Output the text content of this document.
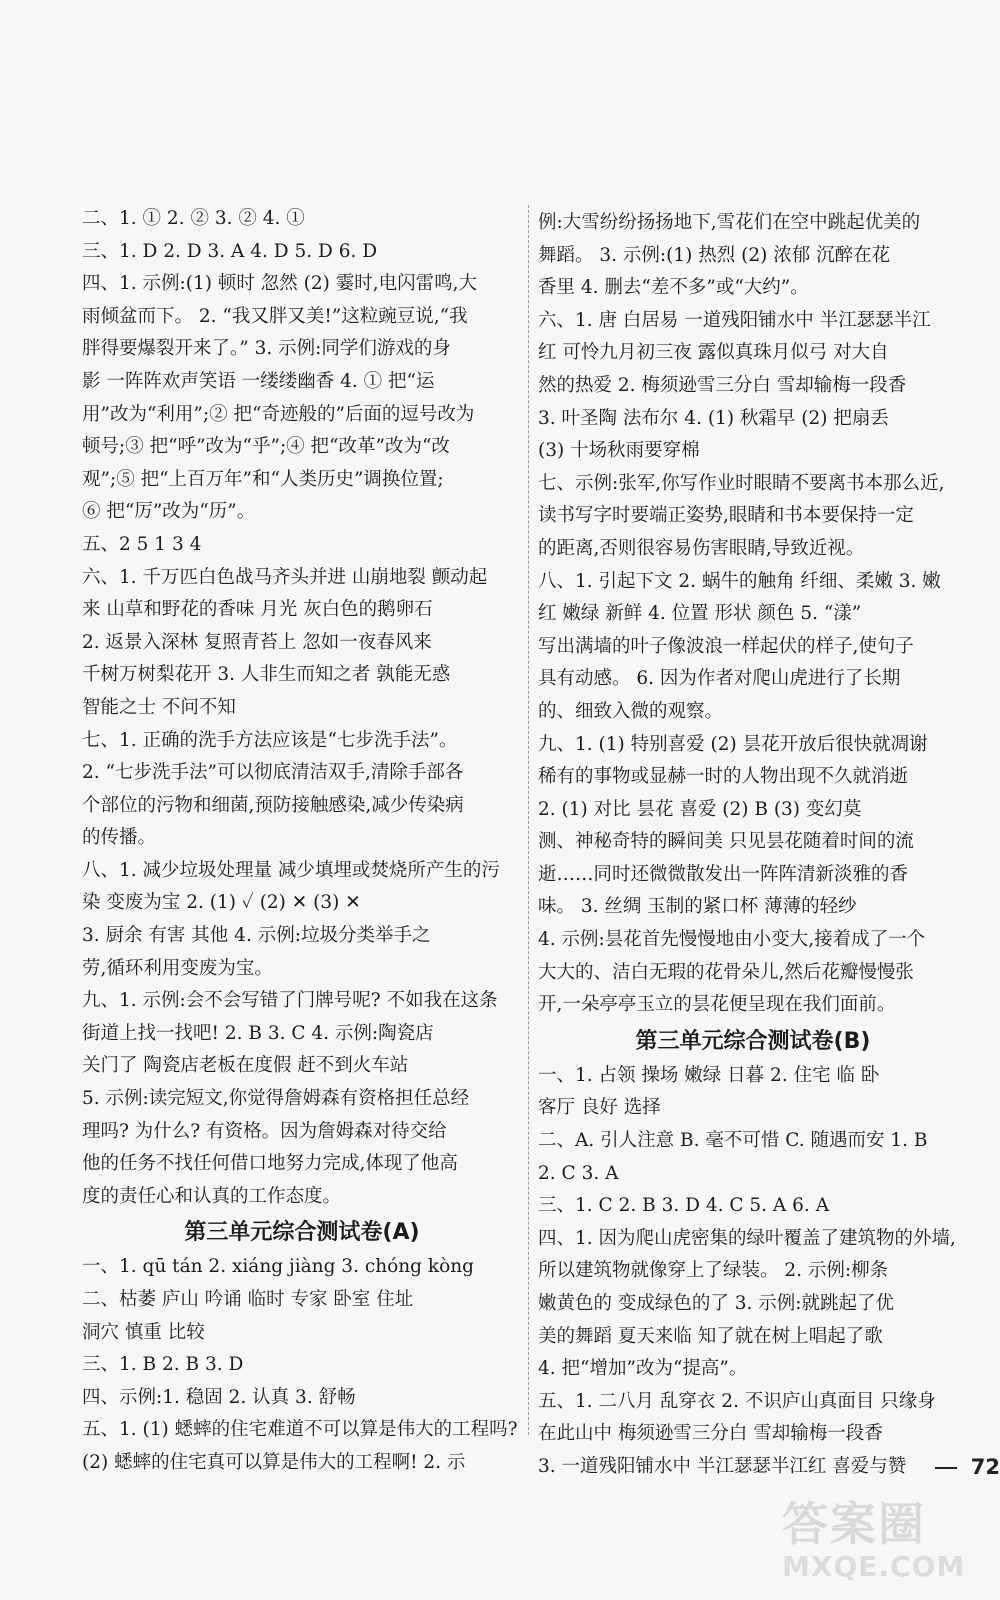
二、1. ① 2. ② 3. ② 4. ①
三、1. D 2. D 3. A 4. D 5. D 6. D
四、1. 示例:(1) 顿时 忽然 (2) 霎时,电闪雷鸣,大
雨倾盆而下。 2. “我又胖又美!”这粒豌豆说,“我
胖得要爆裂开来了。” 3. 示例:同学们游戏的身
影 一阵阵欢声笑语 一缕缕幽香 4. ① 把“运
用”改为“利用”;② 把“奇迹般的”后面的逗号改为
顿号;③ 把“呼”改为“乎”;④ 把“改革”改为“改
观”;⑤ 把“上百万年”和“人类历史”调换位置;
⑥ 把“厉”改为“历”。
五、2 5 1 3 4
六、1. 千万匹白色战马齐头并进 山崩地裂 颤动起
来 山草和野花的香味 月光 灰白色的鹅卵石
2. 返景入深林 复照青苔上 忽如一夜春风来
千树万树梨花开 3. 人非生而知之者 孰能无惑
智能之士 不问不知
七、1. 正确的洗手方法应该是“七步洗手法”。
2. “七步洗手法”可以彻底清洁双手,清除手部各
个部位的污物和细菌,预防接触感染,减少传染病
的传播。
八、1. 减少垃圾处理量 减少填埋或焚烧所产生的污
染 变废为宝 2. (1) ✓ (2) ✕ (3) ✕
3. 厨余 有害 其他 4. 示例:垃圾分类举手之
劳,循环利用变废为宝。
九、1. 示例:会不会写错了门牌号呢? 不如我在这条
街道上找一找吧! 2. B 3. C 4. 示例:陶瓷店
关门了 陶瓷店老板在度假 赶不到火车站
5. 示例:读完短文,你觉得詹姆森有资格担任总经
理吗? 为什么? 有资格。因为詹姆森对待交给
他的任务不找任何借口地努力完成,体现了他高
度的责任心和认真的工作态度。
第三单元综合测试卷(A)
一、1. qū tán 2. xiáng jiàng 3. chóng kòng
二、枯萎 庐山 吟诵 临时 专家 卧室 住址
洞穴 慎重 比较
三、1. B 2. B 3. D
四、示例:1. 稳固 2. 认真 3. 舒畅
五、1. (1) 蟋蟀的住宅难道不可以算是伟大的工程吗?
(2) 蟋蟀的住宅真可以算是伟大的工程啊! 2. 示
例:大雪纷纷扬扬地下,雪花们在空中跳起优美的
舞蹈。 3. 示例:(1) 热烈 (2) 浓郁 沉醉在花
香里 4. 删去“差不多”或“大约”。
六、1. 唐 白居易 一道残阳铺水中 半江瑟瑟半江
红 可怜九月初三夜 露似真珠月似弓 对大自
然的热爱 2. 梅须逊雪三分白 雪却输梅一段香
3. 叶圣陶 法布尔 4. (1) 秋霜早 (2) 把扇丢
(3) 十场秋雨要穿棉
七、示例:张军,你写作业时眼睛不要离书本那么近,
读书写字时要端正姿势,眼睛和书本要保持一定
的距离,否则很容易伤害眼睛,导致近视。
八、1. 引起下文 2. 蜗牛的触角 纤细、柔嫩 3. 嫩
红 嫩绿 新鲜 4. 位置 形状 颜色 5. “漾”
写出满墙的叶子像波浪一样起伏的样子,使句子
具有动感。 6. 因为作者对爬山虎进行了长期
的、细致入微的观察。
九、1. (1) 特别喜爱 (2) 昙花开放后很快就凋谢
稀有的事物或显赫一时的人物出现不久就消逝
2. (1) 对比 昙花 喜爱 (2) B (3) 变幻莫
测、神秘奇特的瞬间美 只见昙花随着时间的流
逝……同时还微微散发出一阵阵清新淡雅的香
味。 3. 丝绸 玉制的紧口杯 薄薄的轻纱
4. 示例:昙花首先慢慢地由小变大,接着成了一个
大大的、洁白无瑕的花骨朵儿,然后花瓣慢慢张
开,一朵亭亭玉立的昙花便呈现在我们面前。
第三单元综合测试卷(B)
一、1. 占领 操场 嫩绿 日暮 2. 住宅 临 卧
客厅 良好 选择
二、A. 引人注意 B. 毫不可惜 C. 随遇而安 1. B
2. C 3. A
三、1. C 2. B 3. D 4. C 5. A 6. A
四、1. 因为爬山虎密集的绿叶覆盖了建筑物的外墙,
所以建筑物就像穿上了绿装。 2. 示例:柳条
嫩黄色的 变成绿色的了 3. 示例:就跳起了优
美的舞蹈 夏天来临 知了就在树上唱起了歌
4. 把“增加”改为“提高”。
五、1. 二八月 乱穿衣 2. 不识庐山真面目 只缘身
在此山中 梅须逊雪三分白 雪却输梅一段香
3. 一道残阳铺水中 半江瑟瑟半江红 喜爱与赞	72
答案圈
MXQE.COM
